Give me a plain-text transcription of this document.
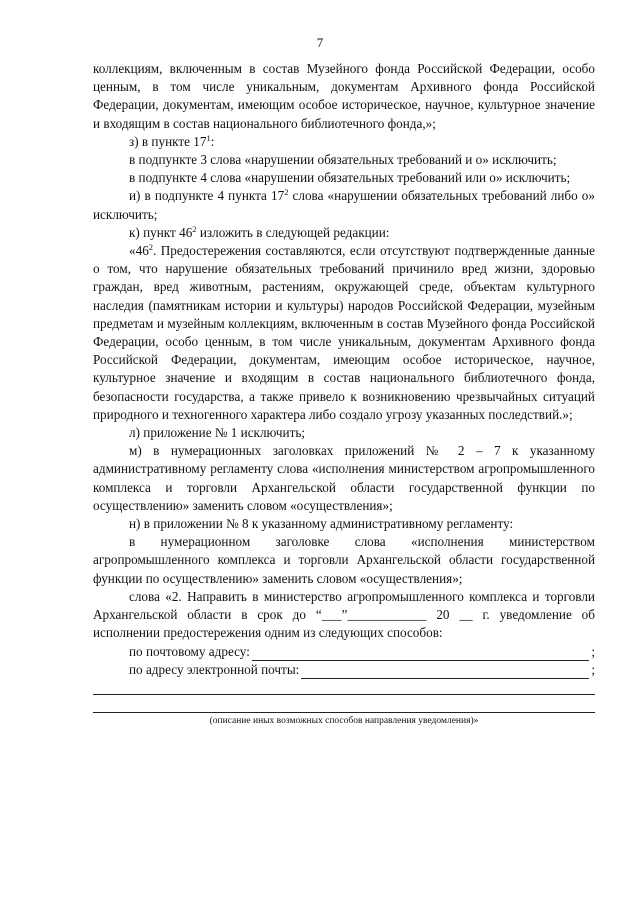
7

коллекциям, включенным в состав Музейного фонда Российской Федерации, особо ценным, в том числе уникальным, документам Архивного фонда Российской Федерации, документам, имеющим особое историческое, научное, культурное значение и входящим в состав национального библиотечного фонда,»;

з) в пункте $17^1$:

в подпункте 3 слова «нарушении обязательных требований и о» исключить;

в подпункте 4 слова «нарушении обязательных требований или о» исключить;

и) в подпункте 4 пункта $17^2$ слова «нарушении обязательных требований либо о» исключить;

к) пункт $46^2$ изложить в следующей редакции:

«$46^2$. Предостережения составляются, если отсутствуют подтвержденные данные о том, что нарушение обязательных требований причинило вред жизни, здоровью граждан, вред животным, растениям, окружающей среде, объектам культурного наследия (памятникам истории и культуры) народов Российской Федерации, музейным предметам и музейным коллекциям, включенным в состав Музейного фонда Российской Федерации, особо ценным, в том числе уникальным, документам Архивного фонда Российской Федерации, документам, имеющим особое историческое, научное, культурное значение и входящим в состав национального библиотечного фонда, безопасности государства, а также привело к возникновению чрезвычайных ситуаций природного и техногенного характера либо создало угрозу указанных последствий.»;

л) приложение № 1 исключить;

м) в нумерационных заголовках приложений № 2 – 7 к указанному административному регламенту слова «исполнения министерством агропромышленного комплекса и торговли Архангельской области государственной функции по осуществлению» заменить словом «осуществления»;

н) в приложении № 8 к указанному административному регламенту:

в нумерационном заголовке слова «исполнения министерством агропромышленного комплекса и торговли Архангельской области государственной функции по осуществлению» заменить словом «осуществления»;

слова «2. Направить в министерство агропромышленного комплекса и торговли Архангельской области в срок до “___”____________ 20 __ г. уведомление об исполнении предостережения одним из следующих способов:

по почтовому адресу:	;
по адресу электронной почты:	;
(описание иных возможных способов направления уведомления)»
